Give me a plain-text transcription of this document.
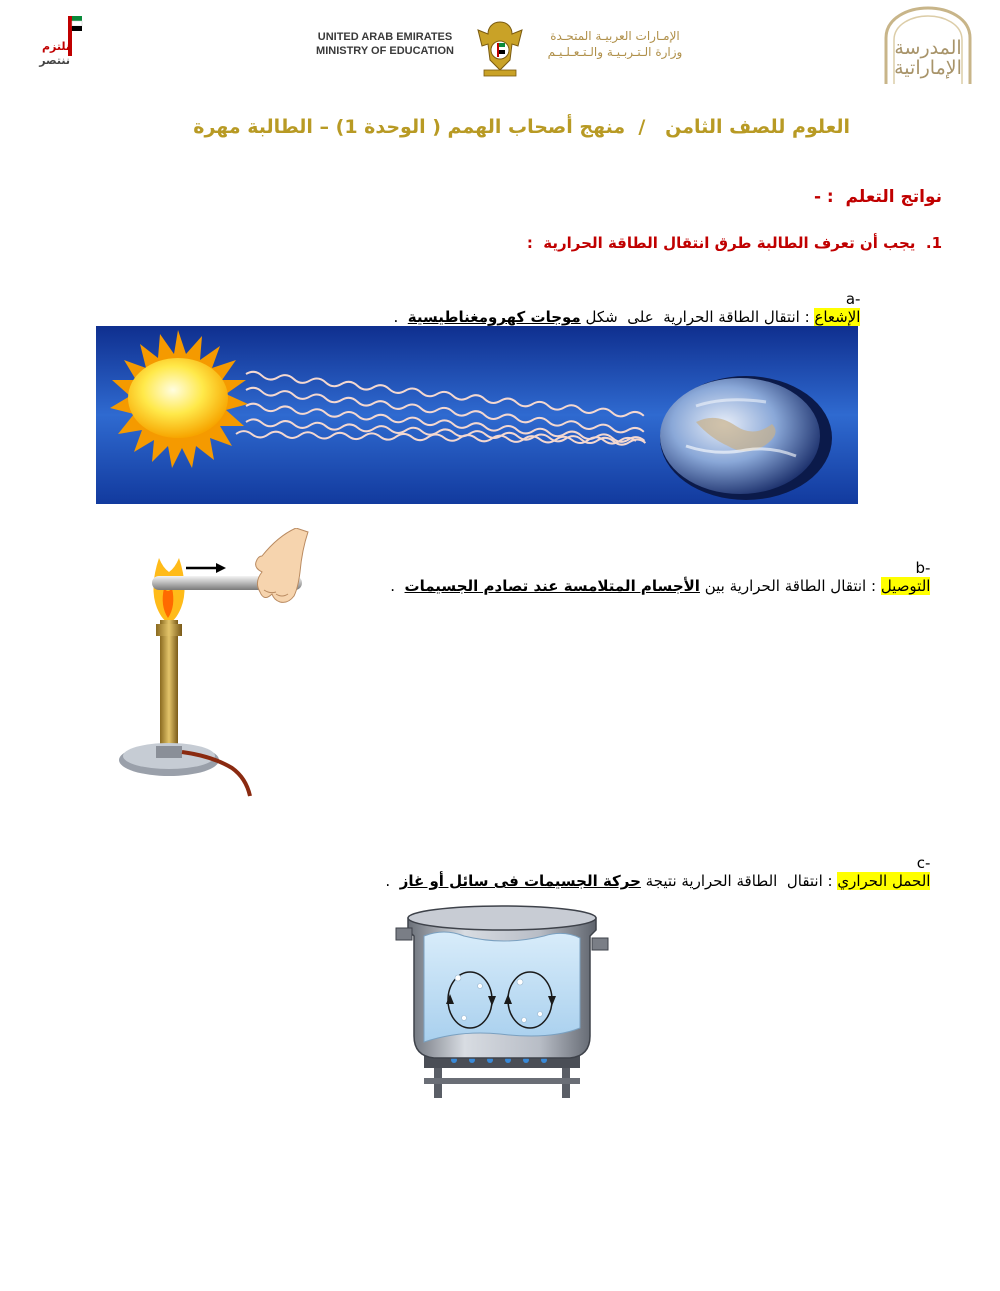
نلتزم
ننتصر
UNITED ARAB EMIRATES
MINISTRY OF EDUCATION
الإمـارات العربيـة المتحـدة
وزارة الـتـربـيـة والـتـعـلـيـم	المدرسة
الإماراتية
العلوم للصف الثامن   /  منهج أصحاب الهمم ( الوحدة 1) – الطالبة مهرة
نواتج التعلم  : -
1.  يجب أن تعرف الطالبة طرق انتقال الطاقة الحرارية  :

a-
الإشعاع : انتقال الطاقة الحرارية  على  شكل موجات كهرومغناطيسية  .

b-
التوصيل : انتقال الطاقة الحرارية بين الأجسام المتلامسة عند تصادم الجسيمات  .

c-
الحمل الحراري : انتقال  الطاقة الحرارية نتيجة حركة الجسيمات فى سائل أو غاز  .
